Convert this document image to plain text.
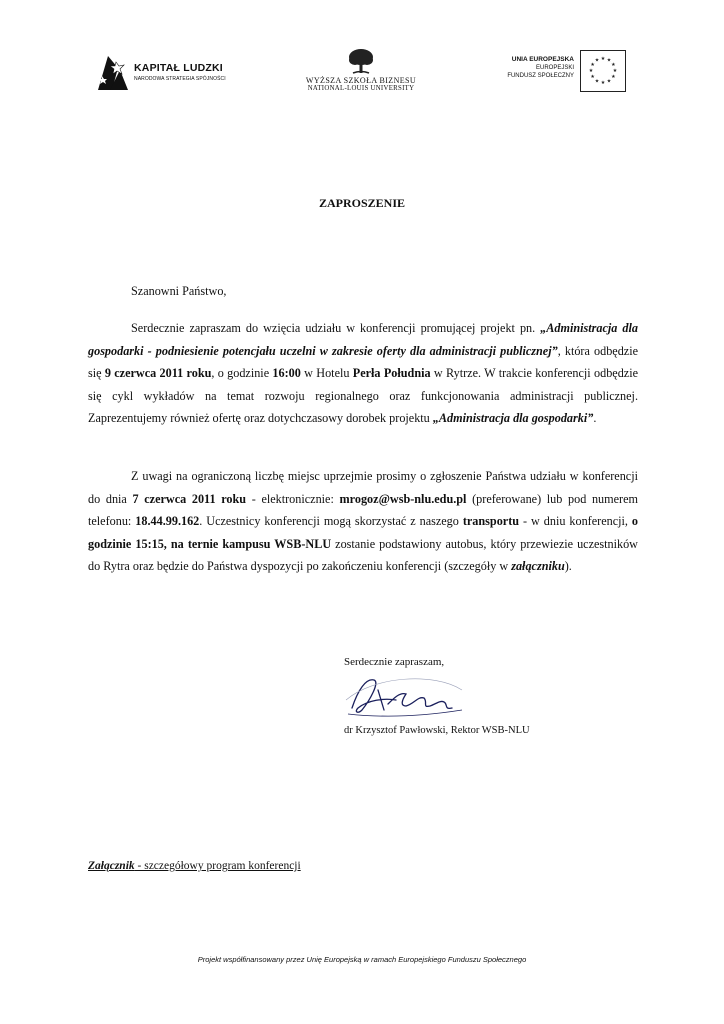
KAPITAŁ LUDZKI
NARODOWA STRATEGIA SPÓJNOŚCI	WYŻSZA SZKOŁA BIZNESU
NATIONAL-LOUIS UNIVERSITY
UNIA EUROPEJSKA
EUROPEJSKI
FUNDUSZ SPOŁECZNY
★ ★
★
★
★
★
★
★
★
★
★
★
ZAPROSZENIE
Szanowni Państwo,
Serdecznie zapraszam do wzięcia udziału w konferencji promującej projekt pn. „Administracja dla gospodarki - podniesienie potencjału uczelni w zakresie oferty dla administracji publicznej”, która odbędzie się 9 czerwca 2011 roku, o godzinie 16:00 w Hotelu Perła Południa w Rytrze. W trakcie konferencji odbędzie się cykl wykładów na temat rozwoju regionalnego oraz funkcjonowania administracji publicznej. Zaprezentujemy również ofertę oraz dotychczasowy dorobek projektu „Administracja dla gospodarki”.
Z uwagi na ograniczoną liczbę miejsc uprzejmie prosimy o zgłoszenie Państwa udziału w konferencji do dnia 7 czerwca 2011 roku - elektronicznie: mrogoz@wsb-nlu.edu.pl (preferowane) lub pod numerem telefonu: 18.44.99.162. Uczestnicy konferencji mogą skorzystać z naszego transportu - w dniu konferencji, o godzinie 15:15, na ternie kampusu WSB-NLU zostanie podstawiony autobus, który przewiezie uczestników do Rytra oraz będzie do Państwa dyspozycji po zakończeniu konferencji (szczegóły w załączniku).
Serdecznie zapraszam,
dr Krzysztof Pawłowski, Rektor WSB-NLU
Załącznik - szczegółowy program konferencji
Projekt współfinansowany przez Unię Europejską w ramach Europejskiego Funduszu Społecznego
